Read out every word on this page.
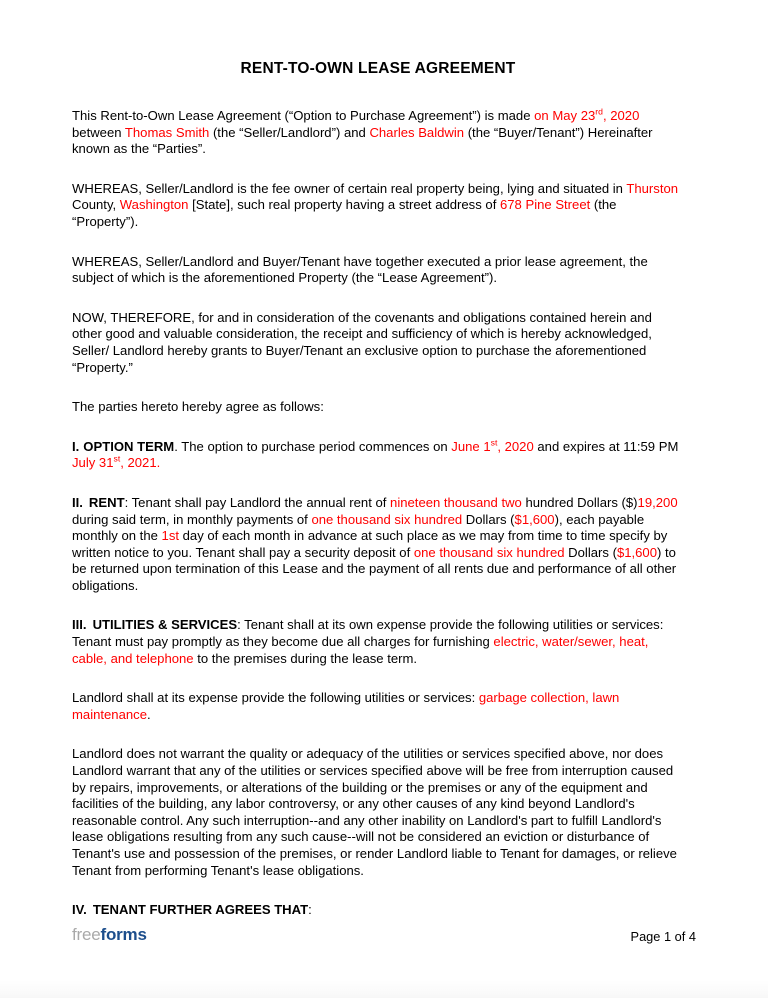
RENT-TO-OWN LEASE AGREEMENT

This Rent-to-Own Lease Agreement (“Option to Purchase Agreement”) is made on May 23rd, 2020 between Thomas Smith (the “Seller/Landlord”) and Charles Baldwin (the “Buyer/Tenant”) Hereinafter known as the “Parties”.

WHEREAS, Seller/Landlord is the fee owner of certain real property being, lying and situated in Thurston County, Washington [State], such real property having a street address of 678 Pine Street (the “Property”).

WHEREAS, Seller/Landlord and Buyer/Tenant have together executed a prior lease agreement, the subject of which is the aforementioned Property (the “Lease Agreement”).

NOW, THEREFORE, for and in consideration of the covenants and obligations contained herein and other good and valuable consideration, the receipt and sufficiency of which is hereby acknowledged, Seller/ Landlord hereby grants to Buyer/Tenant an exclusive option to purchase the aforementioned “Property.”

The parties hereto hereby agree as follows:

I. OPTION TERM. The option to purchase period commences on June 1st, 2020 and expires at 11:59 PM July 31st, 2021.

II. RENT: Tenant shall pay Landlord the annual rent of nineteen thousand two hundred Dollars ($)19,200 during said term, in monthly payments of one thousand six hundred Dollars ($1,600), each payable monthly on the 1st day of each month in advance at such place as we may from time to time specify by written notice to you. Tenant shall pay a security deposit of one thousand six hundred Dollars ($1,600) to be returned upon termination of this Lease and the payment of all rents due and performance of all other obligations.

III. UTILITIES & SERVICES: Tenant shall at its own expense provide the following utilities or services: Tenant must pay promptly as they become due all charges for furnishing electric, water/sewer, heat, cable, and telephone to the premises during the lease term.

Landlord shall at its expense provide the following utilities or services: garbage collection, lawn maintenance.

Landlord does not warrant the quality or adequacy of the utilities or services specified above, nor does Landlord warrant that any of the utilities or services specified above will be free from interruption caused by repairs, improvements, or alterations of the building or the premises or any of the equipment and facilities of the building, any labor controversy, or any other causes of any kind beyond Landlord's reasonable control. Any such interruption--and any other inability on Landlord's part to fulfill Landlord's lease obligations resulting from any such cause--will not be considered an eviction or disturbance of Tenant's use and possession of the premises, or render Landlord liable to Tenant for damages, or relieve Tenant from performing Tenant's lease obligations.

IV. TENANT FURTHER AGREES THAT:

freeforms	Page 1 of 4
